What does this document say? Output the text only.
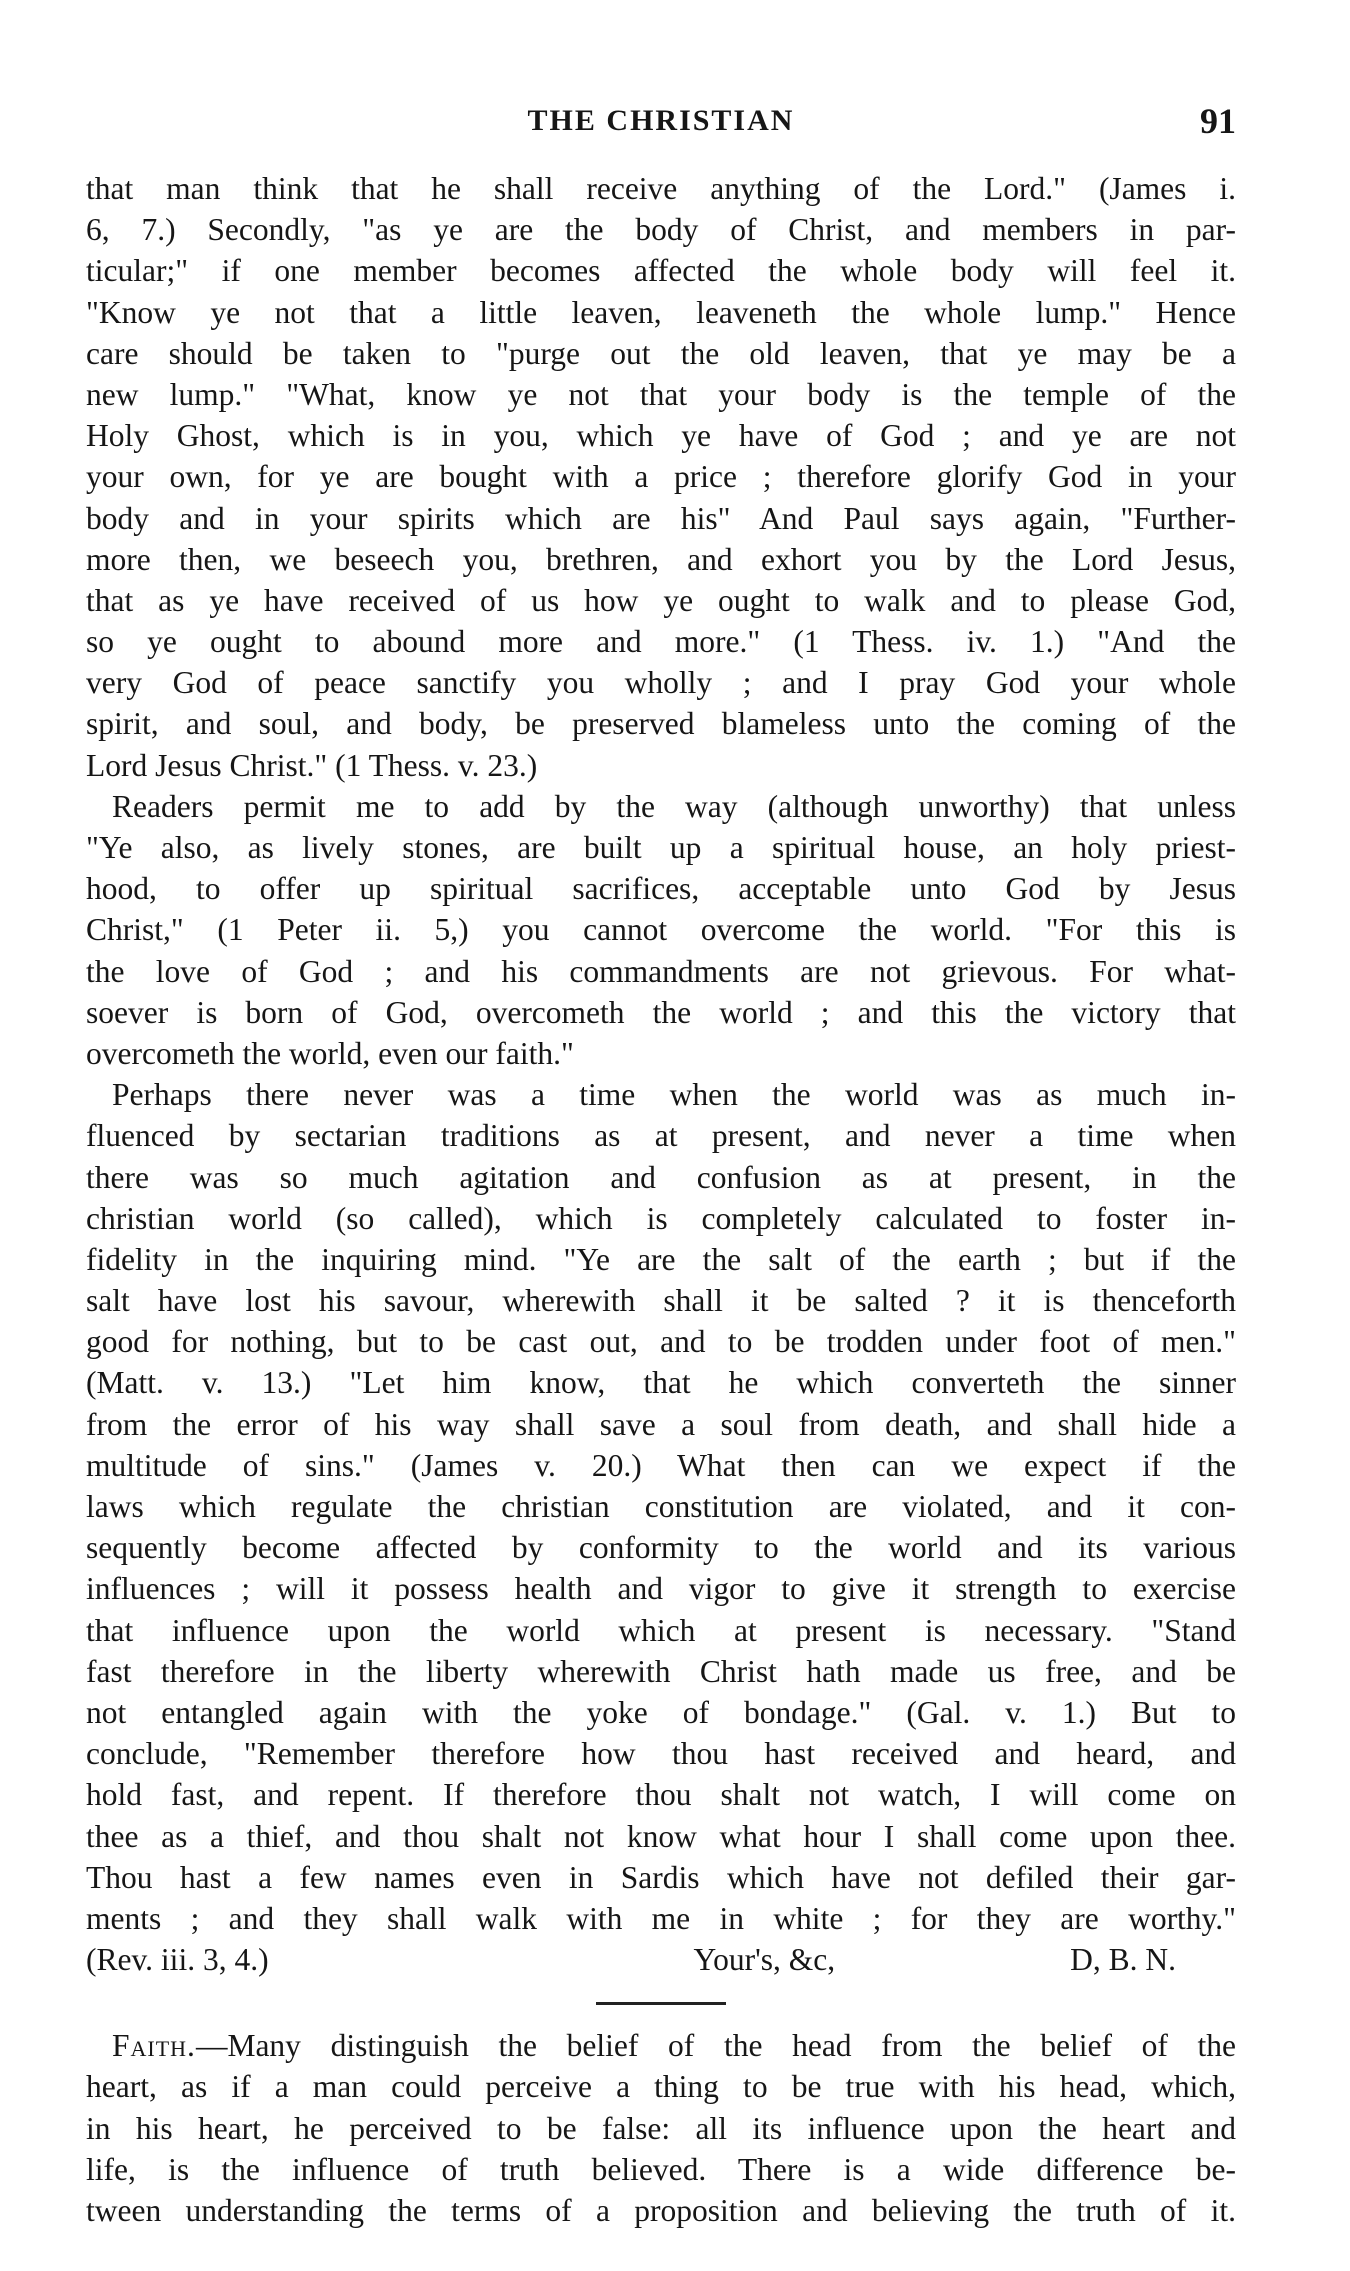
THE CHRISTIAN	91
that man think that he shall receive anything of the Lord." (James i.
6, 7.) Secondly, "as ye are the body of Christ, and members in par-
ticular;" if one member becomes affected the whole body will feel it.
"Know ye not that a little leaven, leaveneth the whole lump." Hence
care should be taken to "purge out the old leaven, that ye may be a
new lump." "What, know ye not that your body is the temple of the
Holy Ghost, which is in you, which ye have of God ; and ye are not
your own, for ye are bought with a price ; therefore glorify God in your
body and in your spirits which are his" And Paul says again, "Further-
more then, we beseech you, brethren, and exhort you by the Lord Jesus,
that as ye have received of us how ye ought to walk and to please God,
so ye ought to abound more and more." (1 Thess. iv. 1.) "And the
very God of peace sanctify you wholly ; and I pray God your whole
spirit, and soul, and body, be preserved blameless unto the coming of the
Lord Jesus Christ." (1 Thess. v. 23.)
Readers permit me to add by the way (although unworthy) that unless
"Ye also, as lively stones, are built up a spiritual house, an holy priest-
hood, to offer up spiritual sacrifices, acceptable unto God by Jesus
Christ," (1 Peter ii. 5,) you cannot overcome the world. "For this is
the love of God ; and his commandments are not grievous. For what-
soever is born of God, overcometh the world ; and this the victory that
overcometh the world, even our faith."
Perhaps there never was a time when the world was as much in-
fluenced by sectarian traditions as at present, and never a time when
there was so much agitation and confusion as at present, in the
christian world (so called), which is completely calculated to foster in-
fidelity in the inquiring mind. "Ye are the salt of the earth ; but if the
salt have lost his savour, wherewith shall it be salted ? it is thenceforth
good for nothing, but to be cast out, and to be trodden under foot of men."
(Matt. v. 13.) "Let him know, that he which converteth the sinner
from the error of his way shall save a soul from death, and shall hide a
multitude of sins." (James v. 20.) What then can we expect if the
laws which regulate the christian constitution are violated, and it con-
sequently become affected by conformity to the world and its various
influences ; will it possess health and vigor to give it strength to exercise
that influence upon the world which at present is necessary. "Stand
fast therefore in the liberty wherewith Christ hath made us free, and be
not entangled again with the yoke of bondage." (Gal. v. 1.) But to
conclude, "Remember therefore how thou hast received and heard, and
hold fast, and repent. If therefore thou shalt not watch, I will come on
thee as a thief, and thou shalt not know what hour I shall come upon thee.
Thou hast a few names even in Sardis which have not defiled their gar-
ments ; and they shall walk with me in white ; for they are worthy."
(Rev. iii. 3, 4.)	Your's, &c,	D, B. N.
Faith.—Many distinguish the belief of the head from the belief of the
heart, as if a man could perceive a thing to be true with his head, which,
in his heart, he perceived to be false: all its influence upon the heart and
life, is the influence of truth believed. There is a wide difference be-
tween understanding the terms of a proposition and believing the truth of it.
